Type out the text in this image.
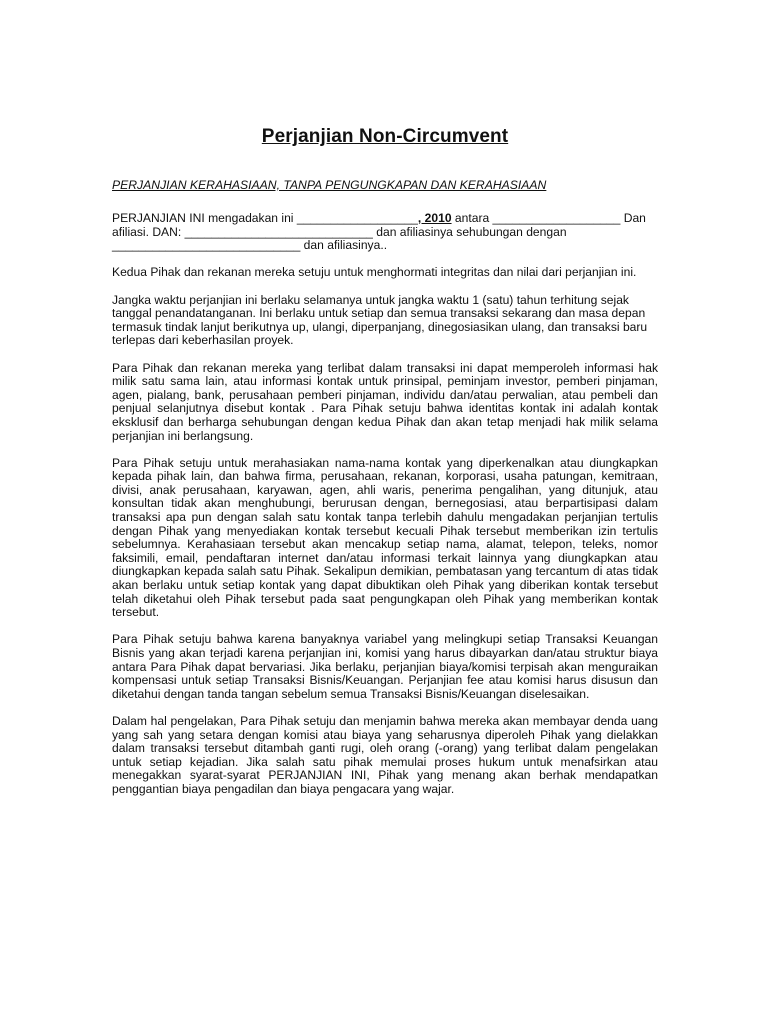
Perjanjian Non-Circumvent
PERJANJIAN KERAHASIAAN, TANPA PENGUNGKAPAN DAN KERAHASIAAN
PERJANJIAN INI mengadakan ini __________________, 2010 antara ___________________ Dan afiliasi. DAN: ____________________________ dan afiliasinya sehubungan dengan ____________________________ dan afiliasinya..
Kedua Pihak dan rekanan mereka setuju untuk menghormati integritas dan nilai dari perjanjian ini.
Jangka waktu perjanjian ini berlaku selamanya untuk jangka waktu 1 (satu) tahun terhitung sejak tanggal penandatanganan. Ini berlaku untuk setiap dan semua transaksi sekarang dan masa depan termasuk tindak lanjut berikutnya up, ulangi, diperpanjang, dinegosiasikan ulang, dan transaksi baru terlepas dari keberhasilan proyek.
Para Pihak dan rekanan mereka yang terlibat dalam transaksi ini dapat memperoleh informasi hak milik satu sama lain, atau informasi kontak untuk prinsipal, peminjam investor, pemberi pinjaman, agen, pialang, bank, perusahaan pemberi pinjaman, individu dan/atau perwalian, atau pembeli dan penjual selanjutnya disebut kontak . Para Pihak setuju bahwa identitas kontak ini adalah kontak eksklusif dan berharga sehubungan dengan kedua Pihak dan akan tetap menjadi hak milik selama perjanjian ini berlangsung.
Para Pihak setuju untuk merahasiakan nama-nama kontak yang diperkenalkan atau diungkapkan kepada pihak lain, dan bahwa firma, perusahaan, rekanan, korporasi, usaha patungan, kemitraan, divisi, anak perusahaan, karyawan, agen, ahli waris, penerima pengalihan, yang ditunjuk, atau konsultan tidak akan menghubungi, berurusan dengan, bernegosiasi, atau berpartisipasi dalam transaksi apa pun dengan salah satu kontak tanpa terlebih dahulu mengadakan perjanjian tertulis dengan Pihak yang menyediakan kontak tersebut kecuali Pihak tersebut memberikan izin tertulis sebelumnya. Kerahasiaan tersebut akan mencakup setiap nama, alamat, telepon, teleks, nomor faksimili, email, pendaftaran internet dan/atau informasi terkait lainnya yang diungkapkan atau diungkapkan kepada salah satu Pihak. Sekalipun demikian, pembatasan yang tercantum di atas tidak akan berlaku untuk setiap kontak yang dapat dibuktikan oleh Pihak yang diberikan kontak tersebut telah diketahui oleh Pihak tersebut pada saat pengungkapan oleh Pihak yang memberikan kontak tersebut.
Para Pihak setuju bahwa karena banyaknya variabel yang melingkupi setiap Transaksi Keuangan Bisnis yang akan terjadi karena perjanjian ini, komisi yang harus dibayarkan dan/atau struktur biaya antara Para Pihak dapat bervariasi. Jika berlaku, perjanjian biaya/komisi terpisah akan menguraikan kompensasi untuk setiap Transaksi Bisnis/Keuangan. Perjanjian fee atau komisi harus disusun dan diketahui dengan tanda tangan sebelum semua Transaksi Bisnis/Keuangan diselesaikan.
Dalam hal pengelakan, Para Pihak setuju dan menjamin bahwa mereka akan membayar denda uang yang sah yang setara dengan komisi atau biaya yang seharusnya diperoleh Pihak yang dielakkan dalam transaksi tersebut ditambah ganti rugi, oleh orang (-orang) yang terlibat dalam pengelakan untuk setiap kejadian. Jika salah satu pihak memulai proses hukum untuk menafsirkan atau menegakkan syarat-syarat PERJANJIAN INI, Pihak yang menang akan berhak mendapatkan penggantian biaya pengadilan dan biaya pengacara yang wajar.
